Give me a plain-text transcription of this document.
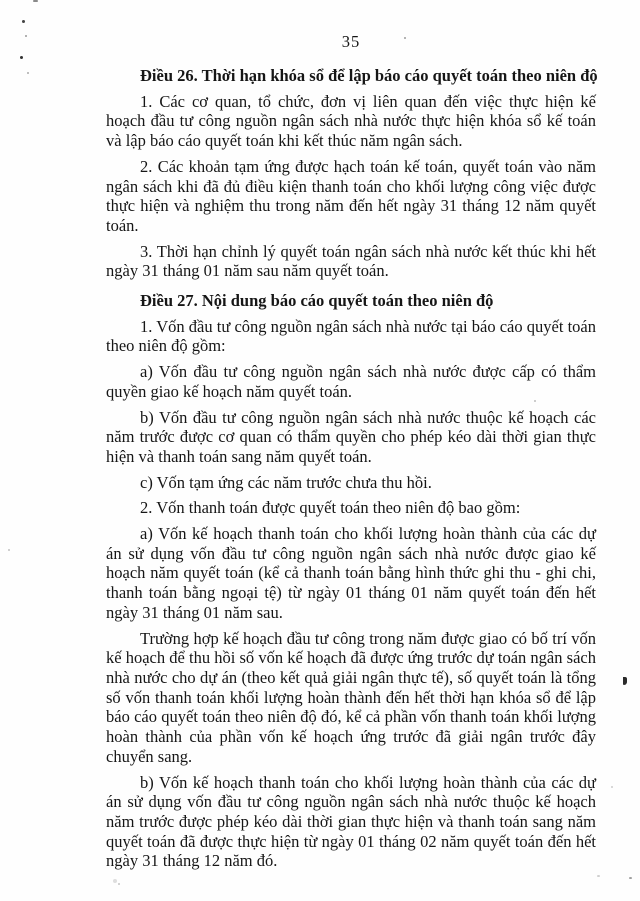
35

Điều 26. Thời hạn khóa sổ để lập báo cáo quyết toán theo niên độ

1. Các cơ quan, tổ chức, đơn vị liên quan đến việc thực hiện kế hoạch đầu tư công nguồn ngân sách nhà nước thực hiện khóa sổ kế toán và lập báo cáo quyết toán khi kết thúc năm ngân sách.

2. Các khoản tạm ứng được hạch toán kế toán, quyết toán vào năm ngân sách khi đã đủ điều kiện thanh toán cho khối lượng công việc được thực hiện và nghiệm thu trong năm đến hết ngày 31 tháng 12 năm quyết toán.

3. Thời hạn chỉnh lý quyết toán ngân sách nhà nước kết thúc khi hết ngày 31 tháng 01 năm sau năm quyết toán.

Điều 27. Nội dung báo cáo quyết toán theo niên độ

1. Vốn đầu tư công nguồn ngân sách nhà nước tại báo cáo quyết toán theo niên độ gồm:

a) Vốn đầu tư công nguồn ngân sách nhà nước được cấp có thẩm quyền giao kế hoạch năm quyết toán.

b) Vốn đầu tư công nguồn ngân sách nhà nước thuộc kế hoạch các năm trước được cơ quan có thẩm quyền cho phép kéo dài thời gian thực hiện và thanh toán sang năm quyết toán.

c) Vốn tạm ứng các năm trước chưa thu hồi.

2. Vốn thanh toán được quyết toán theo niên độ bao gồm:

a) Vốn kế hoạch thanh toán cho khối lượng hoàn thành của các dự án sử dụng vốn đầu tư công nguồn ngân sách nhà nước được giao kế hoạch năm quyết toán (kể cả thanh toán bằng hình thức ghi thu - ghi chi, thanh toán bằng ngoại tệ) từ ngày 01 tháng 01 năm quyết toán đến hết ngày 31 tháng 01 năm sau.

Trường hợp kế hoạch đầu tư công trong năm được giao có bố trí vốn kế hoạch để thu hồi số vốn kế hoạch đã được ứng trước dự toán ngân sách nhà nước cho dự án (theo kết quả giải ngân thực tế), số quyết toán là tổng số vốn thanh toán khối lượng hoàn thành đến hết thời hạn khóa sổ để lập báo cáo quyết toán theo niên độ đó, kể cả phần vốn thanh toán khối lượng hoàn thành của phần vốn kế hoạch ứng trước đã giải ngân trước đây chuyển sang.

b) Vốn kế hoạch thanh toán cho khối lượng hoàn thành của các dự án sử dụng vốn đầu tư công nguồn ngân sách nhà nước thuộc kế hoạch năm trước được phép kéo dài thời gian thực hiện và thanh toán sang năm quyết toán đã được thực hiện từ ngày 01 tháng 02 năm quyết toán đến hết ngày 31 tháng 12 năm đó.
